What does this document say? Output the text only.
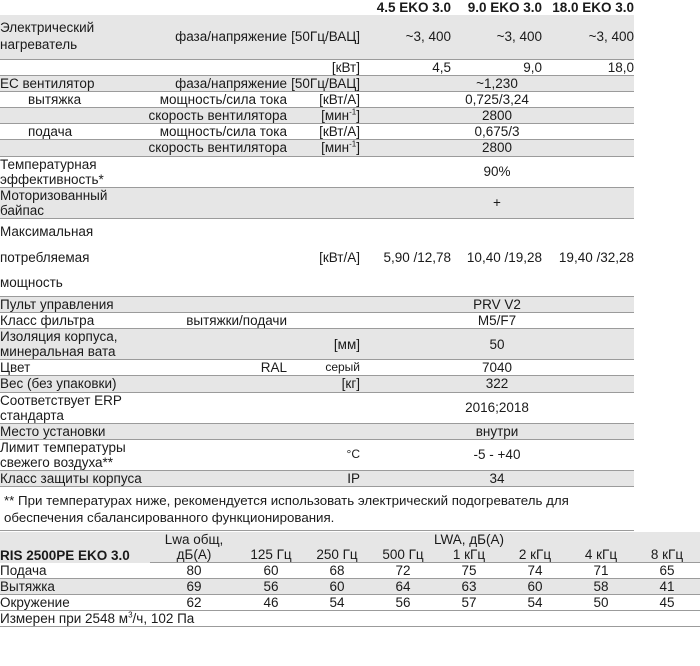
			4.5 EKO 3.0	9.0 EKO 3.0	18.0 EKO 3.0
Электрический нагреватель	фаза/напряжение	[50Гц/ВАЦ]	~3, 400	~3, 400	~3, 400
		[кВт]	4,5	9,0	18,0
ЕС вентилятор	фаза/напряжение	[50Гц/ВАЦ]	~1,230		
вытяжка	мощность/сила тока	[кВт/А]	0,725/3,24		
	скорость вентилятора	[мин$^{-1}$]	2800		
подача	мощность/сила тока	[кВт/А]	0,675/3		
	скорость вентилятора	[мин$^{-1}$]	2800		
Температурная эффективность*			90%		
Моторизованный байпас			+		
Максимальная потребляемая мощность		[кВт/А]	5,90 /12,78	10,40 /19,28	19,40 /32,28
Пульт управления			PRV V2		
Класс фильтра	вытяжки/подачи		M5/F7		
Изоляция корпуса, минеральная вата		[мм]	50		
Цвет	RAL	серый	7040		
Вес (без упаковки)		[кг]	322		
Соответствует ERP стандарта			2016;2018		
Место установки			внутри		
Лимит температуры свежего воздуха**		°С	-5 - +40		
Класс защиты корпуса		IP	34		
** При температурах ниже, рекомендуется использовать электрический подогреватель для обеспечения сбалансированного функционирования.
RIS 2500PE EKO 3.0	Lwa общ,	LWA, дБ(A)						
	дБ(A)	125 Гц	250 Гц	500 Гц	1 кГц	2 кГц	4 кГц	8 кГц
Подача	80	60	68	72	75	74	71	65
Вытяжка	69	56	60	64	63	60	58	41
Окружение	62	46	54	56	57	54	50	45
Измерен при 2548 $м^3/ч$, 102 Па								
